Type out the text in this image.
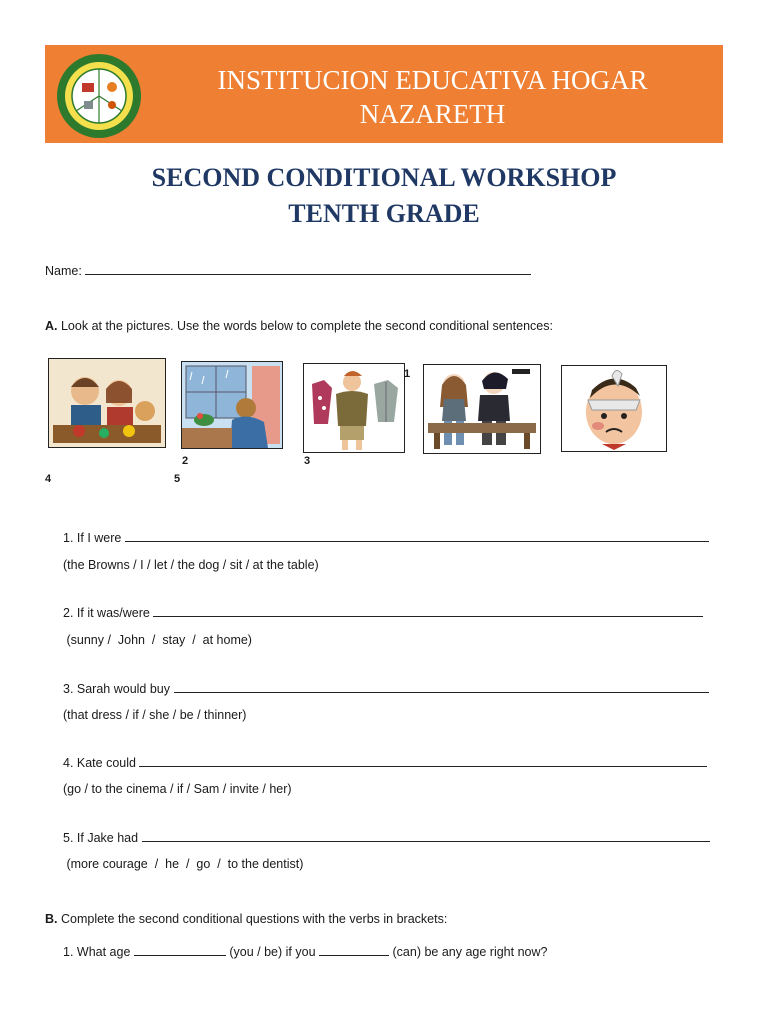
INSTITUCION EDUCATIVA HOGAR
NAZARETH
SECOND CONDITIONAL WORKSHOP
TENTH GRADE
Name:
A. Look at the pictures. Use the words below to complete the second conditional sentences:
1
2	3
4	5
1. If I were
(the Browns / I / let / the dog / sit / at the table)
2. If it was/were
(sunny /  John  /  stay  /  at home)
3. Sarah would buy
(that dress / if / she / be / thinner)
4. Kate could
(go / to the cinema / if / Sam / invite / her)
5. If Jake had
(more courage  /  he  /  go  /  to the dentist)
B. Complete the second conditional questions with the verbs in brackets:
1. What age	(you / be) if you	(can) be any age right now?
